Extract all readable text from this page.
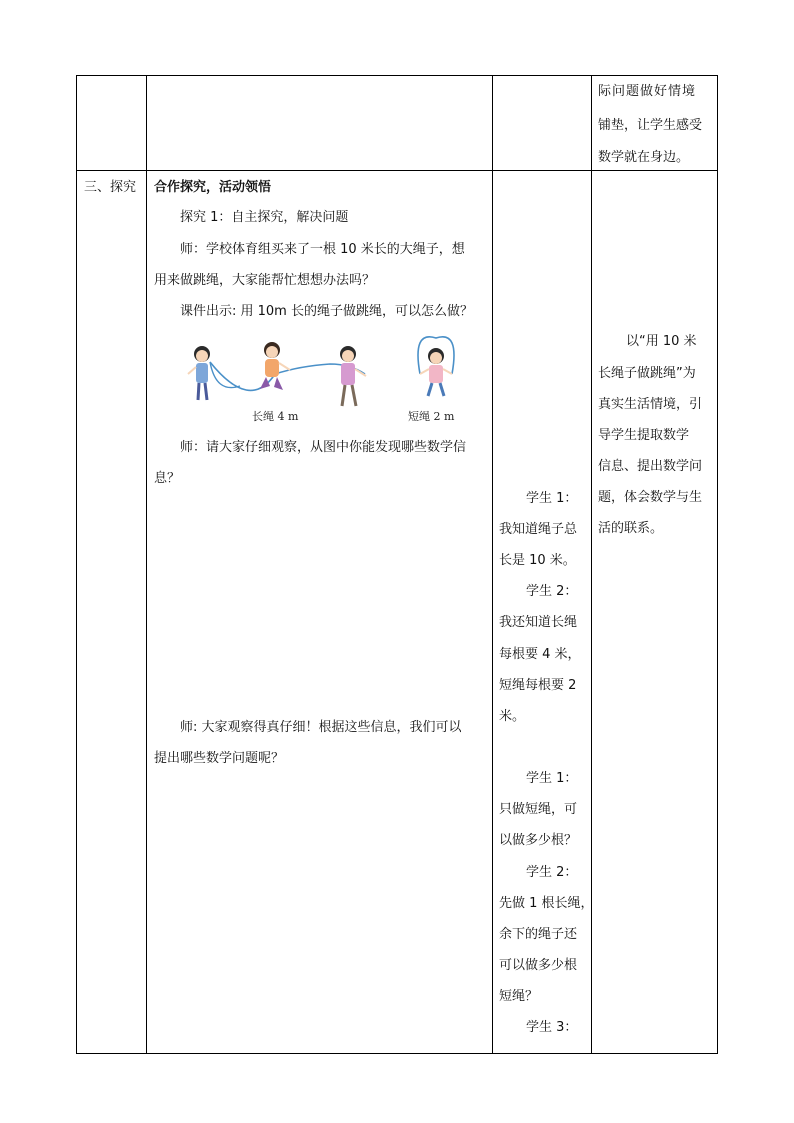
际问题做好情境
铺垫，让学生感受
数学就在身边。
三、探究 合作探究，活动领悟
探究 1：自主探究，解决问题
师：学校体育组买来了一根 10 米长的大绳子，想
用来做跳绳，大家能帮忙想想办法吗？
课件出示: 用 10m 长的绳子做跳绳，可以怎么做？
长绳 4 m	短绳 2 m
师：请大家仔细观察，从图中你能发现哪些数学信
息？
师: 大家观察得真仔细！根据这些信息，我们可以
提出哪些数学问题呢？
学生 1：
我知道绳子总
长是 10 米。
学生 2：
我还知道长绳
每根要 4 米，
短绳每根要 2
米。
学生 1：
只做短绳，可
以做多少根？
学生 2：
先做 1 根长绳，
余下的绳子还
可以做多少根
短绳？
学生 3：
以“用 10 米
长绳子做跳绳”为
真实生活情境，引
导学生提取数学
信息、提出数学问
题，体会数学与生
活的联系。
